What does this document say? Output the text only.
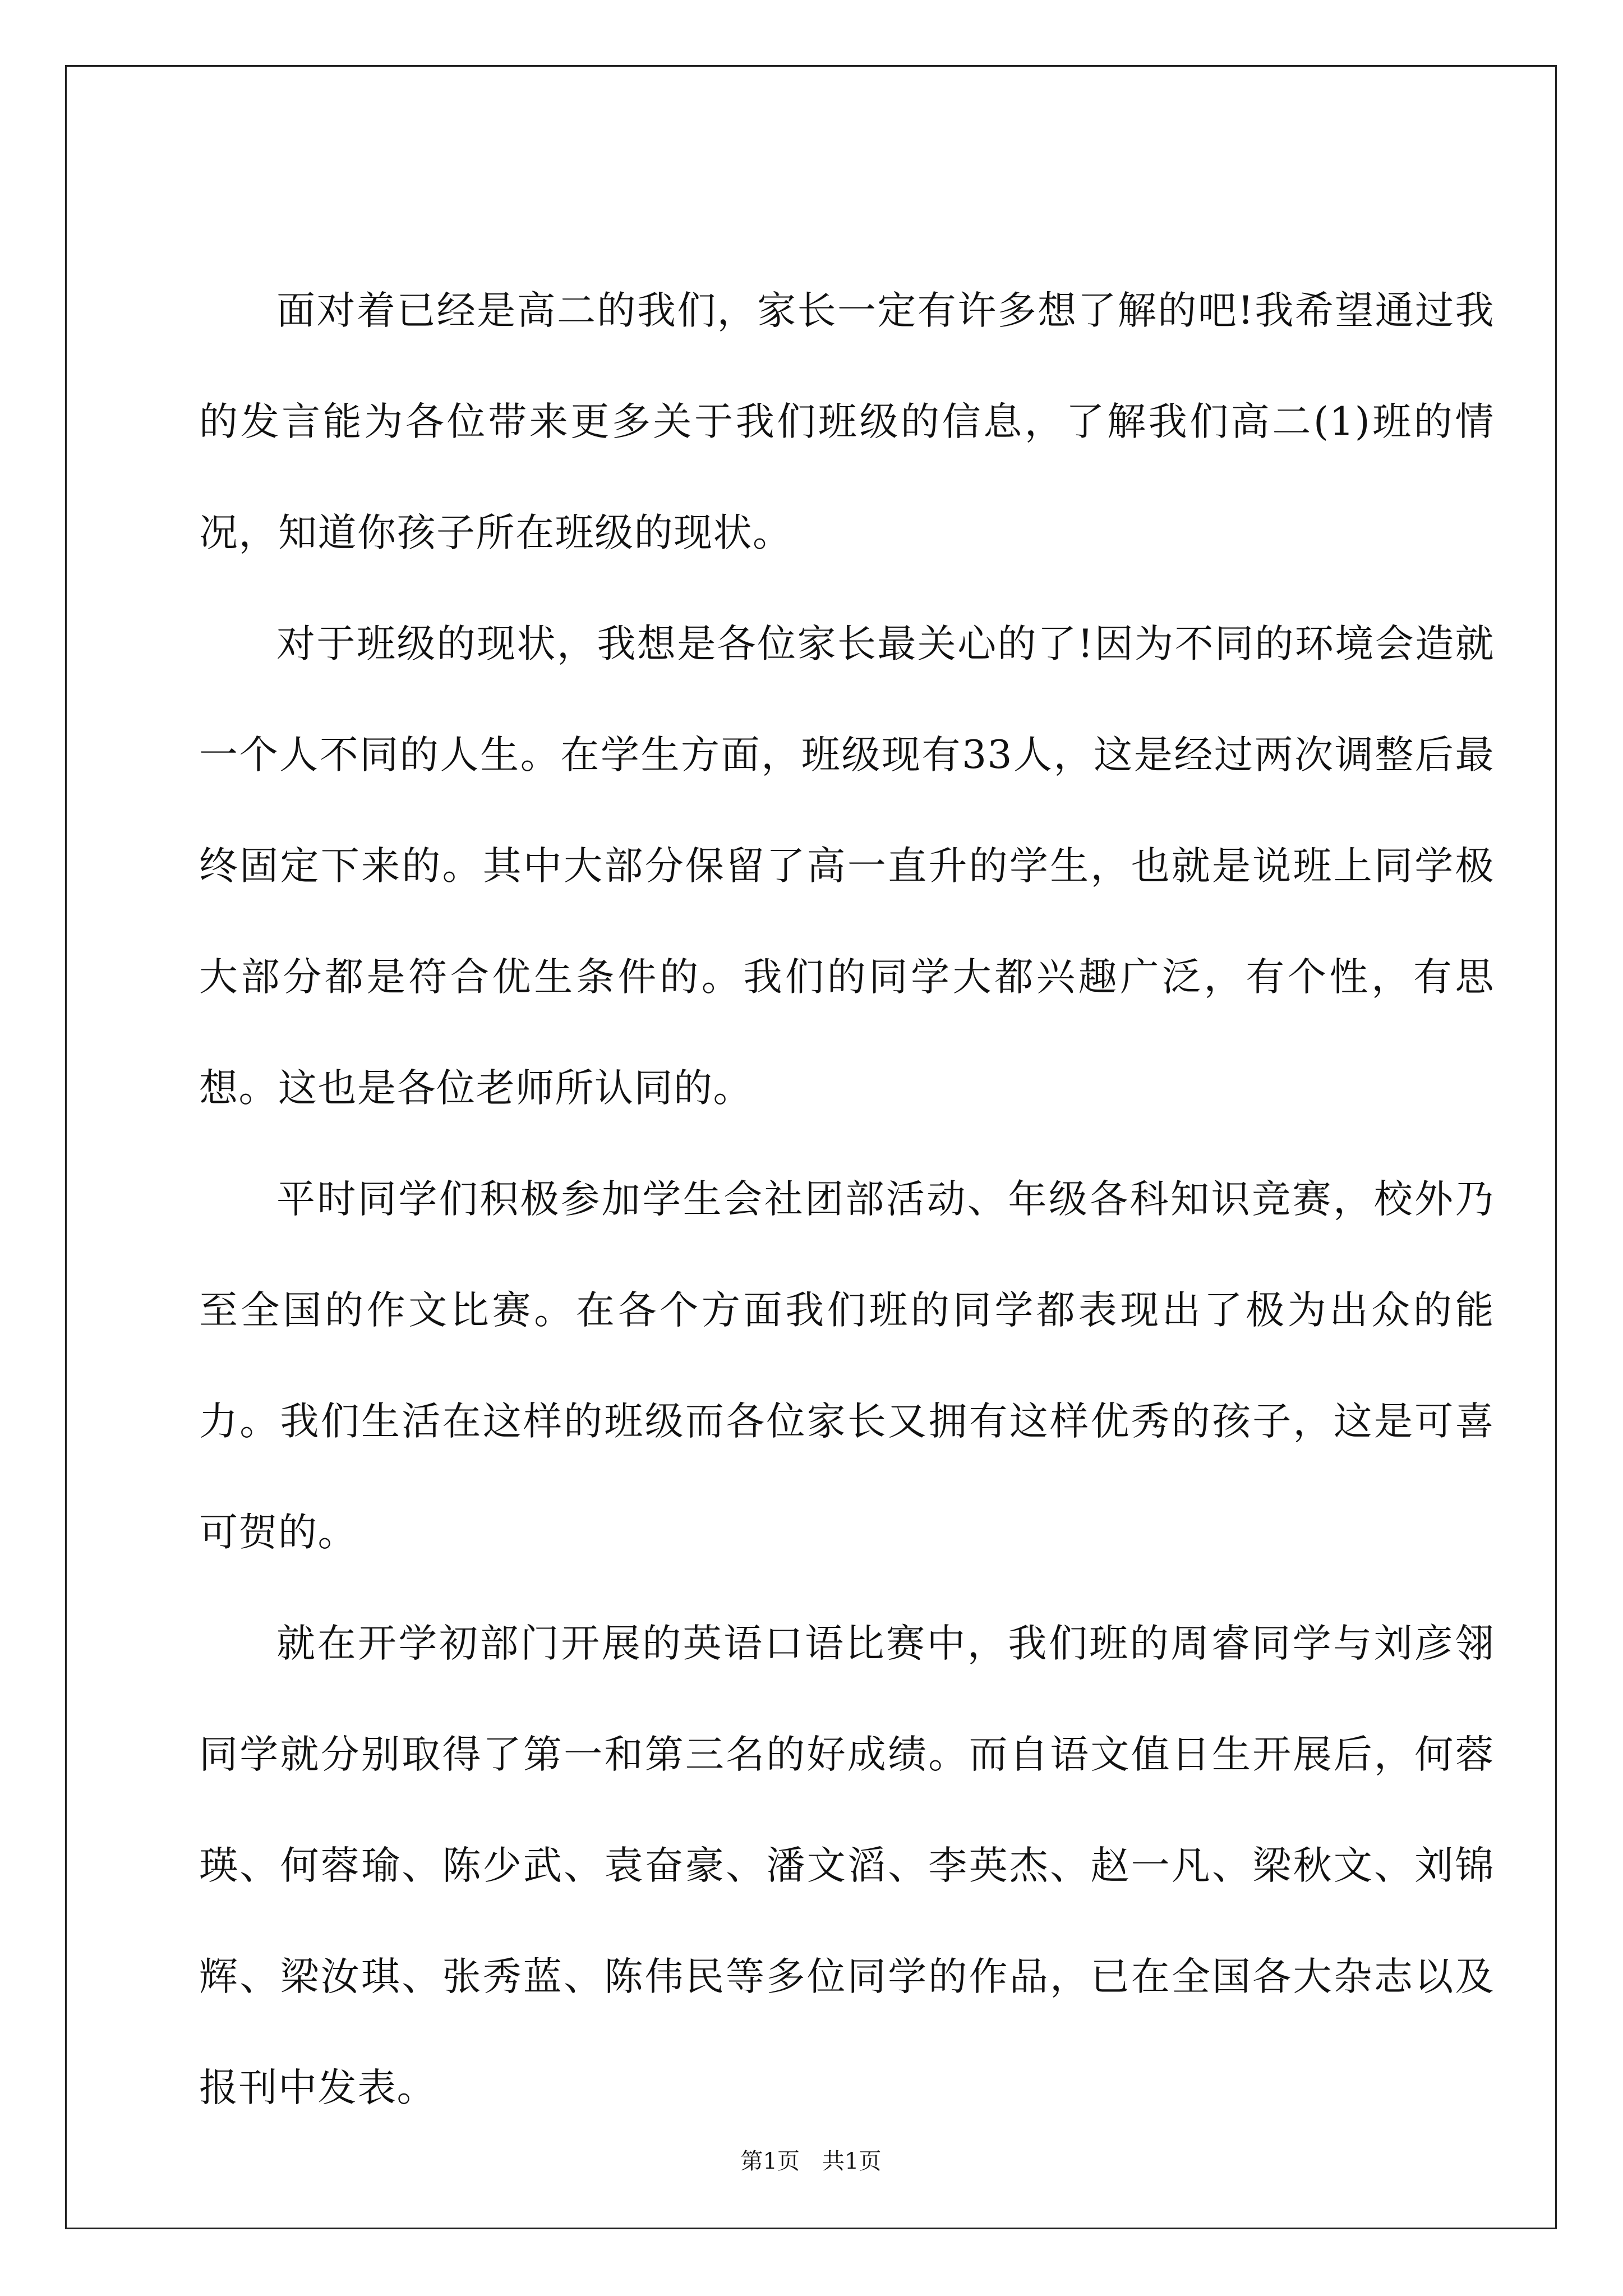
面对着已经是高二的我们，家长一定有许多想了解的吧!我希望通过我的发言能为各位带来更多关于我们班级的信息，了解我们高二(1)班的情况，知道你孩子所在班级的现状。

对于班级的现状，我想是各位家长最关心的了!因为不同的环境会造就一个人不同的人生。在学生方面，班级现有33人，这是经过两次调整后最终固定下来的。其中大部分保留了高一直升的学生，也就是说班上同学极大部分都是符合优生条件的。我们的同学大都兴趣广泛，有个性，有思想。这也是各位老师所认同的。

平时同学们积极参加学生会社团部活动、年级各科知识竞赛，校外乃至全国的作文比赛。在各个方面我们班的同学都表现出了极为出众的能力。我们生活在这样的班级而各位家长又拥有这样优秀的孩子，这是可喜可贺的。

就在开学初部门开展的英语口语比赛中，我们班的周睿同学与刘彦翎同学就分别取得了第一和第三名的好成绩。而自语文值日生开展后，何蓉瑛、何蓉瑜、陈少武、袁奋豪、潘文滔、李英杰、赵一凡、梁秋文、刘锦辉、梁汝琪、张秀蓝、陈伟民等多位同学的作品，已在全国各大杂志以及报刊中发表。

第1页 共1页
